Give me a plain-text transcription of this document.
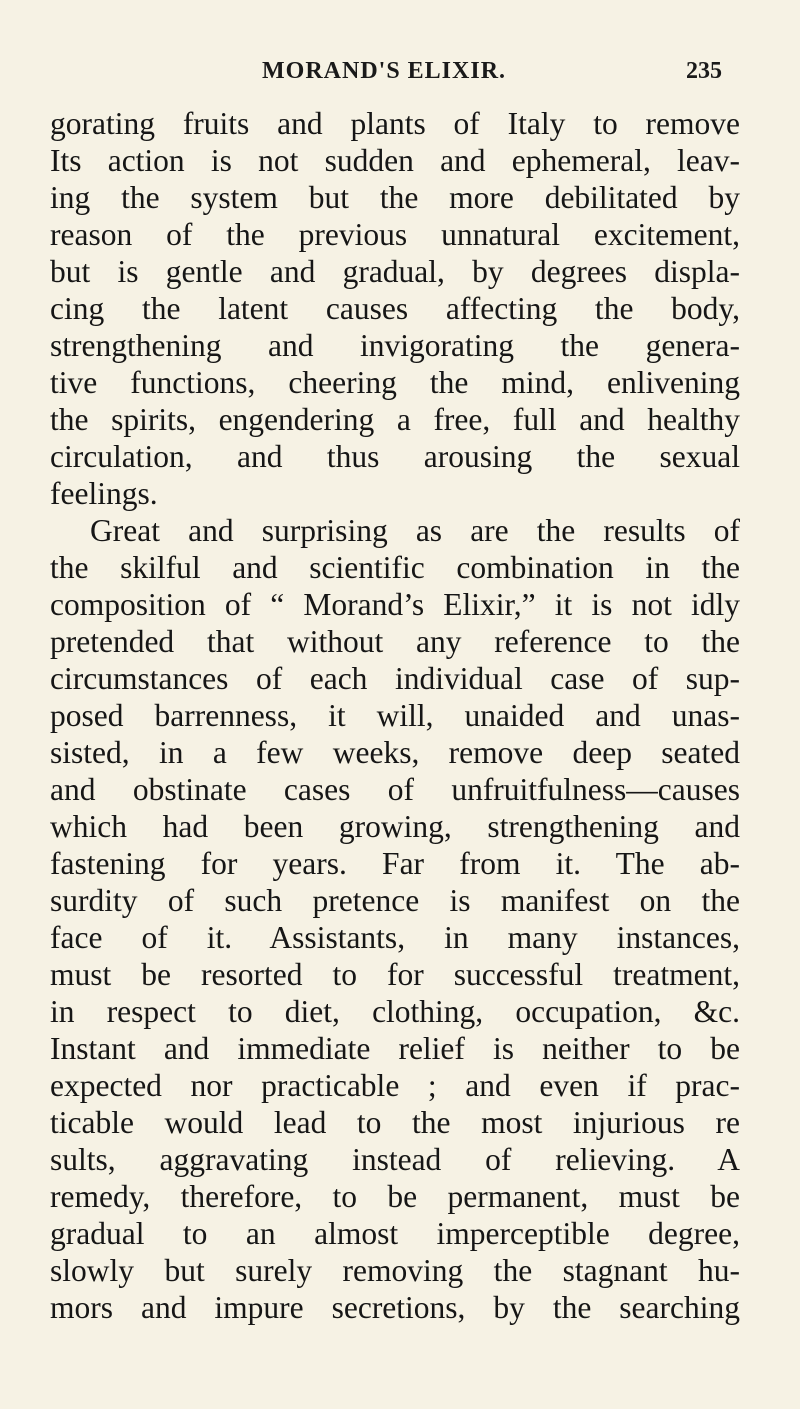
MORAND'S ELIXIR.	235
gorating fruits and plants of Italy to remove
Its action is not sudden and ephemeral, leav-
ing the system but the more debilitated by
reason of the previous unnatural excitement,
but is gentle and gradual, by degrees displa-
cing the latent causes affecting the body,
strengthening and invigorating the genera-
tive functions, cheering the mind, enlivening
the spirits, engendering a free, full and healthy
circulation, and thus arousing the sexual
feelings.
Great and surprising as are the results of
the skilful and scientific combination in the
composition of “ Morand’s Elixir,” it is not idly
pretended that without any reference to the
circumstances of each individual case of sup-
posed barrenness, it will, unaided and unas-
sisted, in a few weeks, remove deep seated
and obstinate cases of unfruitfulness—causes
which had been growing, strengthening and
fastening for years. Far from it. The ab-
surdity of such pretence is manifest on the
face of it. Assistants, in many instances,
must be resorted to for successful treatment,
in respect to diet, clothing, occupation, &c.
Instant and immediate relief is neither to be
expected nor practicable ; and even if prac-
ticable would lead to the most injurious re
sults, aggravating instead of relieving. A
remedy, therefore, to be permanent, must be
gradual to an almost imperceptible degree,
slowly but surely removing the stagnant hu-
mors and impure secretions, by the searching
